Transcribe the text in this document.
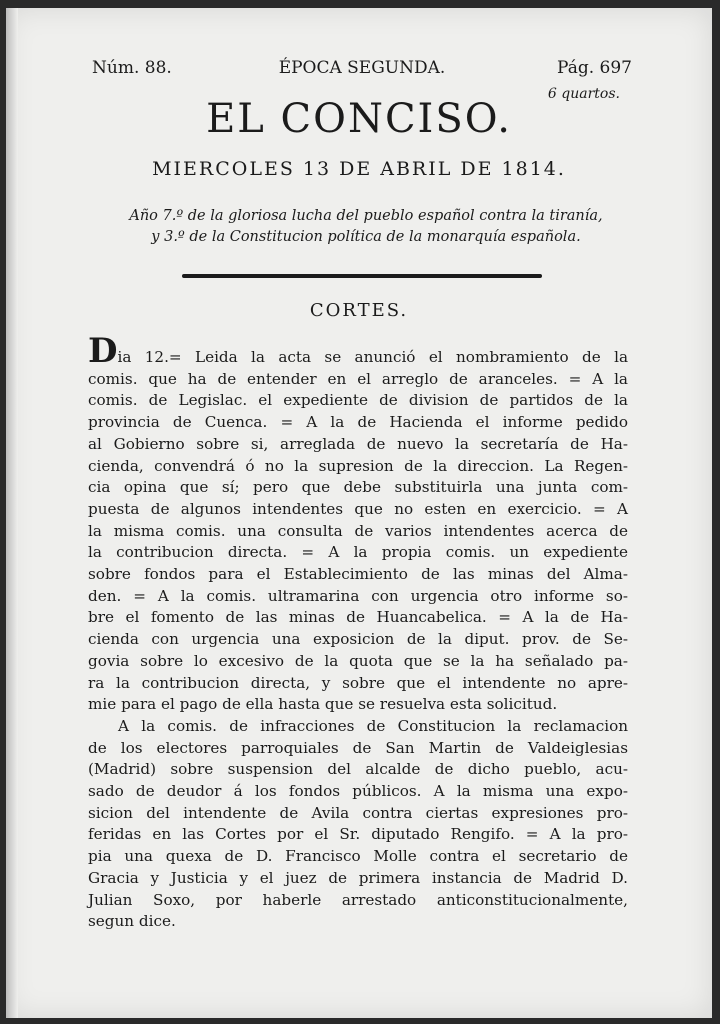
Núm. 88.	ÉPOCA SEGUNDA.	Pág. 697
6 quartos.
EL CONCISO.
MIERCOLES 13 DE ABRIL DE 1814.
Año 7.º de la gloriosa lucha del pueblo español contra la tiranía,
y 3.º de la Constitucion política de la monarquía española.
CORTES.
Dia 12.= Leida la acta se anunció el nombramiento de la
comis. que ha de entender en el arreglo de aranceles. = A la
comis. de Legislac. el expediente de division de partidos de la
provincia de Cuenca. = A la de Hacienda el informe pedido
al Gobierno sobre si, arreglada de nuevo la secretaría de Ha-
cienda, convendrá ó no la supresion de la direccion. La Regen-
cia opina que sí; pero que debe substituirla una junta com-
puesta de algunos intendentes que no esten en exercicio. = A
la misma comis. una consulta de varios intendentes acerca de
la contribucion directa. = A la propia comis. un expediente
sobre fondos para el Establecimiento de las minas del Alma-
den. = A la comis. ultramarina con urgencia otro informe so-
bre el fomento de las minas de Huancabelica. = A la de Ha-
cienda con urgencia una exposicion de la diput. prov. de Se-
govia sobre lo excesivo de la quota que se la ha señalado pa-
ra la contribucion directa, y sobre que el intendente no apre-
mie para el pago de ella hasta que se resuelva esta solicitud.
A la comis. de infracciones de Constitucion la reclamacion
de los electores parroquiales de San Martin de Valdeiglesias
(Madrid) sobre suspension del alcalde de dicho pueblo, acu-
sado de deudor á los fondos públicos. A la misma una expo-
sicion del intendente de Avila contra ciertas expresiones pro-
feridas en las Cortes por el Sr. diputado Rengifo. = A la pro-
pia una quexa de D. Francisco Molle contra el secretario de
Gracia y Justicia y el juez de primera instancia de Madrid D.
Julian Soxo, por haberle arrestado anticonstitucionalmente,
segun dice.
